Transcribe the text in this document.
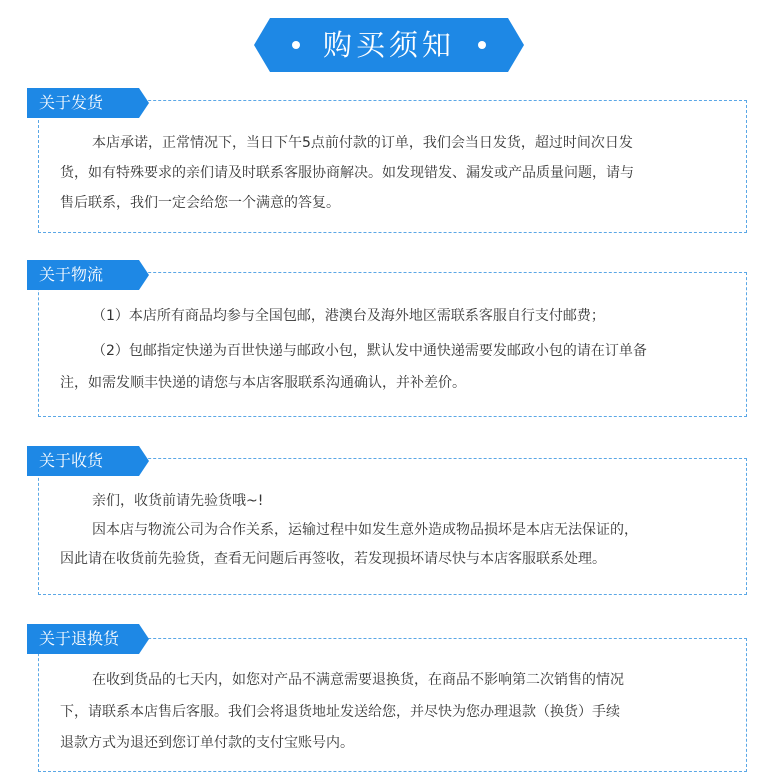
购买须知
关于发货
本店承诺，正常情况下，当日下午5点前付款的订单，我们会当日发货，超过时间次日发
货，如有特殊要求的亲们请及时联系客服协商解决。如发现错发、漏发或产品质量问题，请与
售后联系，我们一定会给您一个满意的答复。
关于物流
（1）本店所有商品均参与全国包邮，港澳台及海外地区需联系客服自行支付邮费；
（2）包邮指定快递为百世快递与邮政小包，默认发中通快递需要发邮政小包的请在订单备
注，如需发顺丰快递的请您与本店客服联系沟通确认，并补差价。
关于收货
亲们，收货前请先验货哦~!
因本店与物流公司为合作关系，运输过程中如发生意外造成物品损坏是本店无法保证的，
因此请在收货前先验货，查看无问题后再签收，若发现损坏请尽快与本店客服联系处理。
关于退换货
在收到货品的七天内，如您对产品不满意需要退换货，在商品不影响第二次销售的情况
下，请联系本店售后客服。我们会将退货地址发送给您，并尽快为您办理退款（换货）手续
退款方式为退还到您订单付款的支付宝账号内。
